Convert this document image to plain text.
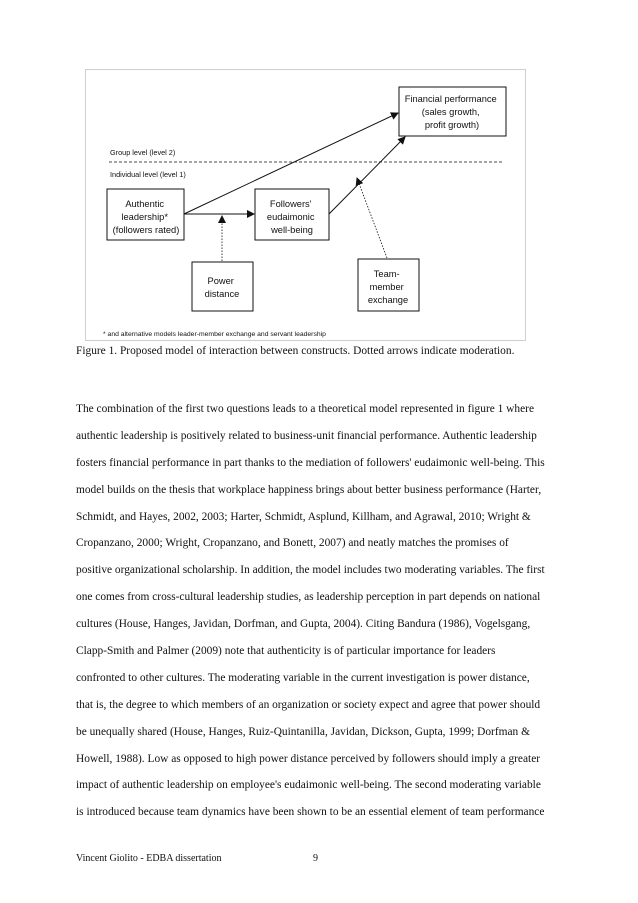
Financial performance (sales growth, profit growth)
Authentic leadership* (followers rated)
Followers' eudaimonic well-being
Power distance
Team- member exchange
Group level (level 2)
Individual level (level 1)
* and alternative models leader-member exchange and servant leadership
Figure 1. Proposed model of interaction between constructs. Dotted arrows indicate moderation.
The combination of the first two questions leads to a theoretical model represented in figure 1 where
authentic leadership is positively related to business-unit financial performance. Authentic leadership
fosters financial performance in part thanks to the mediation of followers' eudaimonic well-being. This
model builds on the thesis that workplace happiness brings about better business performance (Harter,
Schmidt, and Hayes, 2002, 2003; Harter, Schmidt, Asplund, Killham, and Agrawal, 2010; Wright &
Cropanzano, 2000; Wright, Cropanzano, and Bonett, 2007) and neatly matches the promises of
positive organizational scholarship. In addition, the model includes two moderating variables. The first
one comes from cross-cultural leadership studies, as leadership perception in part depends on national
cultures (House, Hanges, Javidan, Dorfman, and Gupta, 2004). Citing Bandura (1986), Vogelsgang,
Clapp-Smith and Palmer (2009) note that authenticity is of particular importance for leaders
confronted to other cultures. The moderating variable in the current investigation is power distance,
that is, the degree to which members of an organization or society expect and agree that power should
be unequally shared (House, Hanges, Ruiz-Quintanilla, Javidan, Dickson, Gupta, 1999; Dorfman &
Howell, 1988). Low as opposed to high power distance perceived by followers should imply a greater
impact of authentic leadership on employee's eudaimonic well-being. The second moderating variable
is introduced because team dynamics have been shown to be an essential element of team performance
Vincent Giolito - EDBA dissertation	9
